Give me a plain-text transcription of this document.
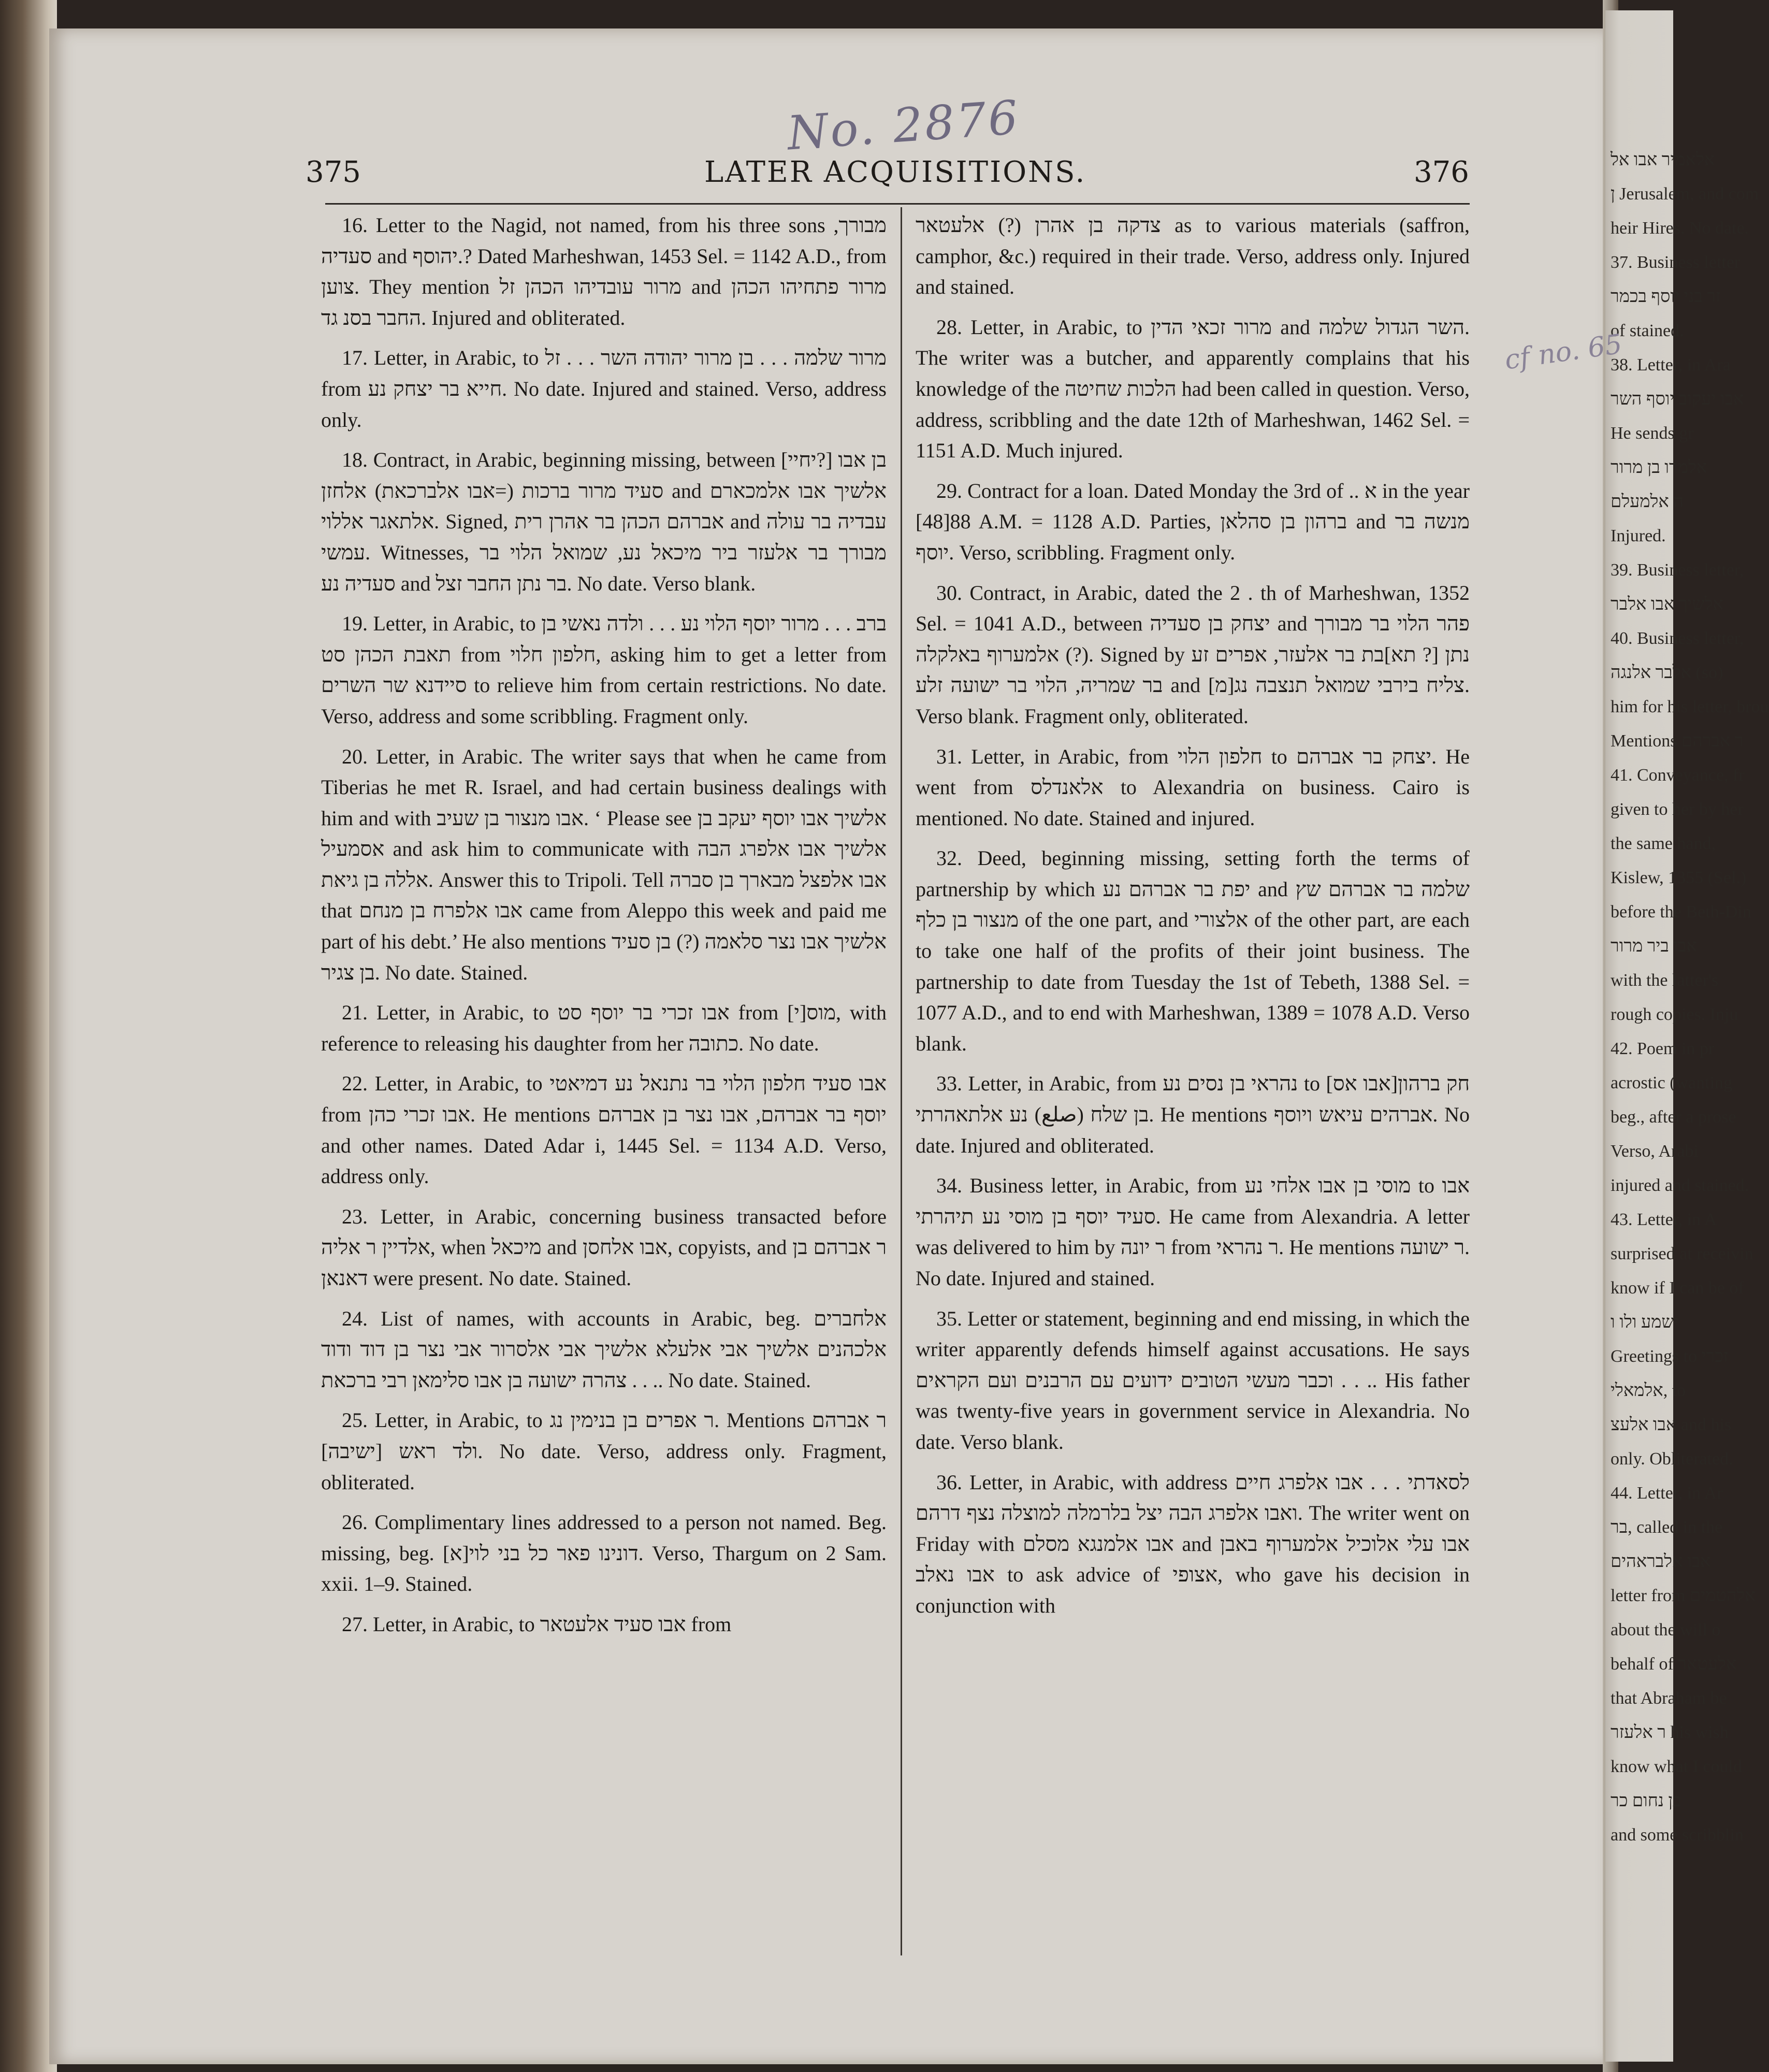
אלאמיר אבו אל
ן Jerusalem, and com
heir Hires. No date.
37. Business letter
זר בני יוסף בכמר
of stained.
38. Letter, in Ara
אבו יעקוב יוסף השר
He sends gr
אלמרו בן מרור
ה אלמעלם
Injured.
39. Business letter,
אלשיך אבו אלבר
40. Business letter,
אלבר אלנגה (so)
him for his letter, brou
Mentions ר אברהם
41. Conveyance, fr
given to her by her
the same hand,
Kislew, 1355 (Sel.)
before the Beth-Din
אבו ביר מרור
with the latter's
rough copies. Inju
42. Poem in pr
acrostic (wanting
beg., after a prose
Verso, Arabi
injured and stained.
43. Letter, in A
surprised at receivin
know if I can be of
ישמע ולו ו
Greetings to זכרי
אלמאלי, to
אבו אלעצ and his
only. Obliterated.
44. Letter, in Ar
בר, called in the
אבו אלבראהים
letter from אלהטמים
about the will o
behalf of אלעטאר
that Abraham be
ר אלעזר his wish
know what I could
בן נחום כר
and some scribblin
No. 2876
cf no. 65
375	LATER ACQUISITIONS.	376

16. Letter to the Nagid, not named, from his three sons מבורך, סעדיה and יהוסף.? Dated Marheshwan, 1453 Sel. = 1142 A.D., from צוען. They mention מרור עובדיהו הכהן זל and מרור פתחיהו הכהן החבר בסנ גד. Injured and obliterated.

17. Letter, in Arabic, to מרור שלמה . . . בן מרור יהודה השר . . . זל from חייא בר יצחק נע. No date. Injured and stained. Verso, address only.

18. Contract, in Arabic, beginning missing, between [יחיי?] בן אבו סעיד מרור ברכות (=אבו אלברכאת) אלחזן and אלשיך אבו אלמכארם אלתאגר אללוי. Signed, אברהם הכהן בר אהרן רית and עבדיה בר עולה עמשי. Witnesses, מבורך בר אלעזר ביר מיכאל נע, שמואל הלוי בר סעדיה נע and בר נתן החבר זצל. No date. Verso blank.

19. Letter, in Arabic, to ברב . . . מרור יוסף הלוי נע . . . ולדה נאשי בן תאבת הכהן סט from חלפון חלוי, asking him to get a letter from סיידנא שר השרים to relieve him from certain restrictions. No date. Verso, address and some scribbling. Fragment only.

20. Letter, in Arabic. The writer says that when he came from Tiberias he met R. Israel, and had certain business dealings with him and with אבו מנצור בן שעיב. ‘ Please see אלשיך אבו יוסף יעקב בן אסמעיל and ask him to communicate with אלשיך אבו אלפרג הבה אללה בן גיאת. Answer this to Tripoli. Tell אבו אלפצל מבארך בן סברה that אבו אלפרח בן מנחם came from Aleppo this week and paid me part of his debt.’ He also mentions אלשיך אבו נצר סלאמה (?) בן סעיד בן צגיר. No date. Stained.

21. Letter, in Arabic, to אבו זכרי בר יוסף סט from [י]מוס, with reference to releasing his daughter from her כתובה. No date.

22. Letter, in Arabic, to אבו סעיד חלפון הלוי בר נתנאל נע דמיאטי from אבו זכרי כהן. He mentions יוסף בר אברהם, אבו נצר בן אברהם and other names. Dated Adar i, 1445 Sel. = 1134 A.D. Verso, address only.

23. Letter, in Arabic, concerning business transacted before אלדיין ר אליה, when מיכאל and אבו אלחסן, copyists, and ר אברהם בן דאנאן were present. No date. Stained.

24. List of names, with accounts in Arabic, beg. אלחברים אלכהנים אלשיך אבי אלעלא אלשיך אבי אלסרור אבי נצר בן דוד ודוד צהרה ישועה בן אבו סלימאן רבי ברכאת . . .. No date. Stained.

25. Letter, in Arabic, to ר אפרים בן בנימין נג. Mentions ר אברהם ולד ראש [ישיבה]. No date. Verso, address only. Fragment, obliterated.

26. Complimentary lines addressed to a person not named. Beg. missing, beg. [א]דונינו פאר כל בני לוי. Verso, Thargum on 2 Sam. xxii. 1–9. Stained.

27. Letter, in Arabic, to אבו סעיד אלעטאר from

צדקה בן אהרן (?) אלעטאר as to various materials (saffron, camphor, &c.) required in their trade. Verso, address only. Injured and stained.

28. Letter, in Arabic, to מרור זכאי הדין and השר הגדול שלמה. The writer was a butcher, and apparently complains that his knowledge of the הלכות שחיטה had been called in question. Verso, address, scribbling and the date 12th of Marheshwan, 1462 Sel. = 1151 A.D. Much injured.

29. Contract for a loan. Dated Monday the 3rd of .. א in the year [48]88 A.M. = 1128 A.D. Parties, ברהון בן סהלאן and מנשה בר יוסף. Verso, scribbling. Fragment only.

30. Contract, in Arabic, dated the 2 . th of Marheshwan, 1352 Sel. = 1041 A.D., between יצחק בן סעדיה and פהר הלוי בר מבורך אלמערוף באלקלה (?). Signed by נתן [? תא]בת בר אלעזר, אפרים זע בר שמריה, הלוי בר ישועה זלע and [מ]צליח בירבי שמואל תנצבה נג. Verso blank. Fragment only, obliterated.

31. Letter, in Arabic, from חלפון הלוי to יצחק בר אברהם. He went from אלאנדלס to Alexandria on business. Cairo is mentioned. No date. Stained and injured.

32. Deed, beginning missing, setting forth the terms of partnership by which יפת בר אברהם נע and שלמה בר אברהם שץ מנצור בן כלף of the one part, and אלצורי of the other part, are each to take one half of the profits of their joint business. The partnership to date from Tuesday the 1st of Tebeth, 1388 Sel. = 1077 A.D., and to end with Marheshwan, 1389 = 1078 A.D. Verso blank.

33. Letter, in Arabic, from נהראי בן נסים נע to [אבו אס]חק ברהון בן שלח (صلع) נע אלתאהרתי. He mentions אברהים עיאש ויוסף. No date. Injured and obliterated.

34. Business letter, in Arabic, from מוסי בן אבו אלחי נע to אבו סעיד יוסף בן מוסי נע תיהרתי. He came from Alexandria. A letter was delivered to him by ר יונה from ר נהראי. He mentions ר ישועה. No date. Injured and stained.

35. Letter or statement, beginning and end missing, in which the writer apparently defends himself against accusations. He says וכבר מעשי הטובים ידועים עם הרבנים ועם הקראים . . .. His father was twenty-five years in government service in Alexandria. No date. Verso blank.

36. Letter, in Arabic, with address לסאדתי . . . אבו אלפרג חיים ואבו אלפרג הבה יצל בלרמלה למוצלה נצף דרהם. The writer went on Friday with אבו אלמנגא מסלם and אבו עלי אלוכיל אלמערוף באבן אבו נאלב to ask advice of אצופי, who gave his decision in conjunction with
